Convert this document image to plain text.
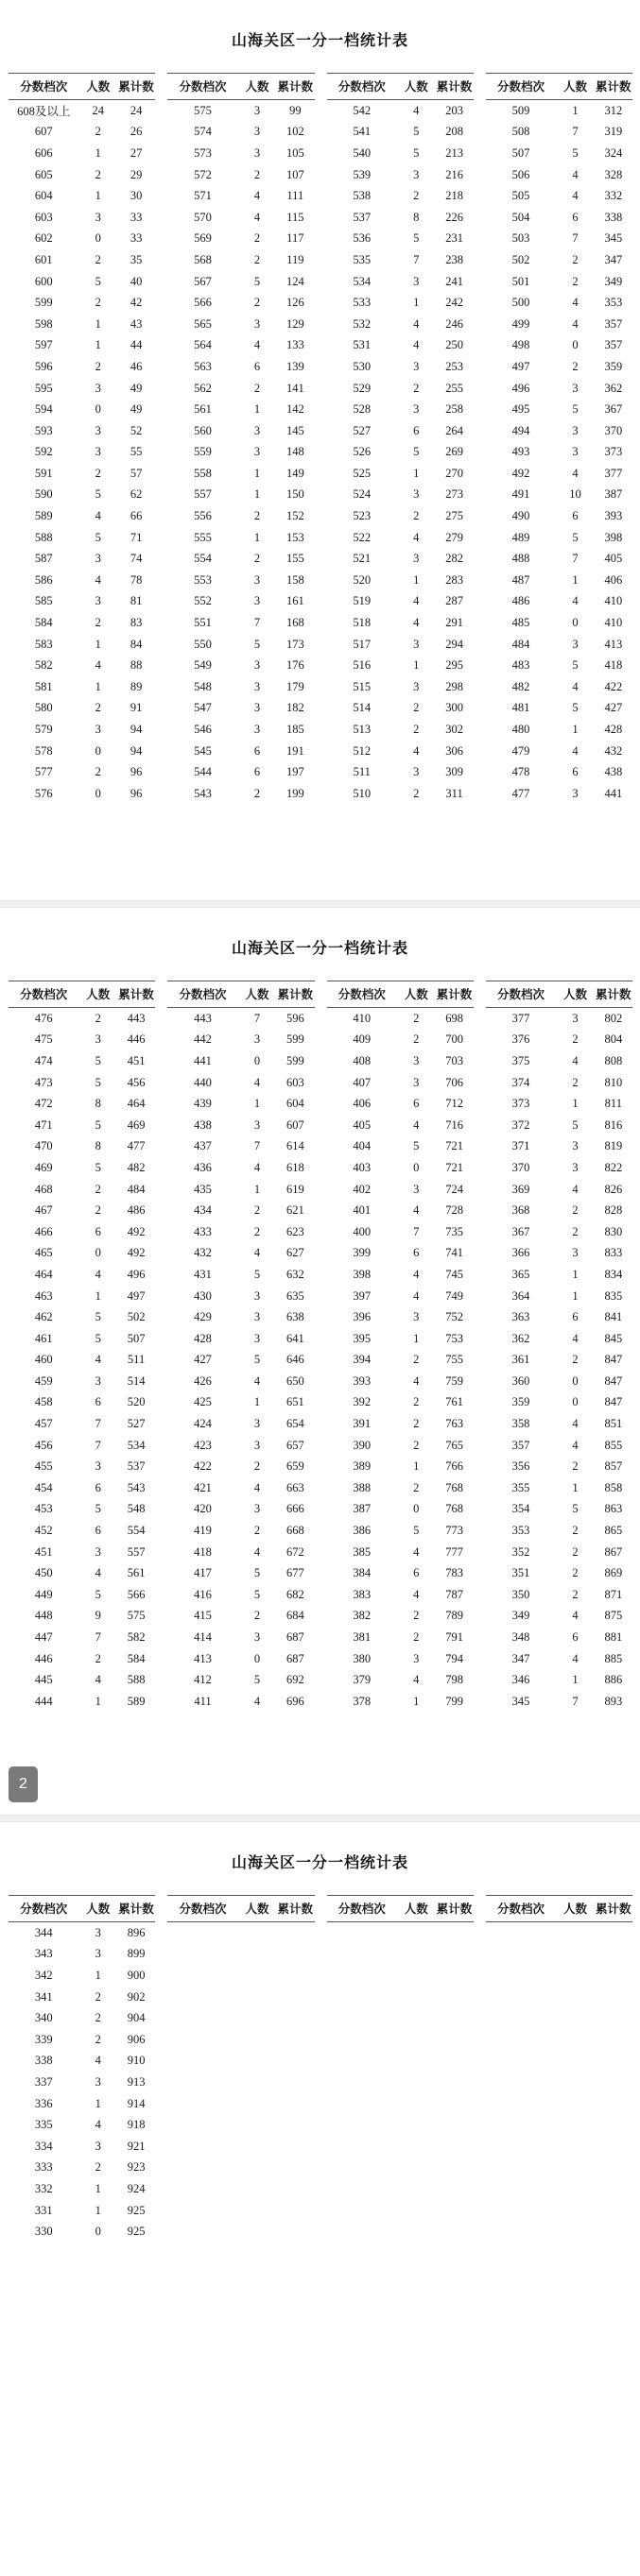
山海关区一分一档统计表
分数档次	人数	累计数
608及以上	24	24
607	2	26
606	1	27
605	2	29
604	1	30
603	3	33
602	0	33
601	2	35
600	5	40
599	2	42
598	1	43
597	1	44
596	2	46
595	3	49
594	0	49
593	3	52
592	3	55
591	2	57
590	5	62
589	4	66
588	5	71
587	3	74
586	4	78
585	3	81
584	2	83
583	1	84
582	4	88
581	1	89
580	2	91
579	3	94
578	0	94
577	2	96
576	0	96
分数档次	人数	累计数
575	3	99
574	3	102
573	3	105
572	2	107
571	4	111
570	4	115
569	2	117
568	2	119
567	5	124
566	2	126
565	3	129
564	4	133
563	6	139
562	2	141
561	1	142
560	3	145
559	3	148
558	1	149
557	1	150
556	2	152
555	1	153
554	2	155
553	3	158
552	3	161
551	7	168
550	5	173
549	3	176
548	3	179
547	3	182
546	3	185
545	6	191
544	6	197
543	2	199
分数档次	人数	累计数
542	4	203
541	5	208
540	5	213
539	3	216
538	2	218
537	8	226
536	5	231
535	7	238
534	3	241
533	1	242
532	4	246
531	4	250
530	3	253
529	2	255
528	3	258
527	6	264
526	5	269
525	1	270
524	3	273
523	2	275
522	4	279
521	3	282
520	1	283
519	4	287
518	4	291
517	3	294
516	1	295
515	3	298
514	2	300
513	2	302
512	4	306
511	3	309
510	2	311
分数档次	人数	累计数
509	1	312
508	7	319
507	5	324
506	4	328
505	4	332
504	6	338
503	7	345
502	2	347
501	2	349
500	4	353
499	4	357
498	0	357
497	2	359
496	3	362
495	5	367
494	3	370
493	3	373
492	4	377
491	10	387
490	6	393
489	5	398
488	7	405
487	1	406
486	4	410
485	0	410
484	3	413
483	5	418
482	4	422
481	5	427
480	1	428
479	4	432
478	6	438
477	3	441
山海关区一分一档统计表
分数档次	人数	累计数
476	2	443
475	3	446
474	5	451
473	5	456
472	8	464
471	5	469
470	8	477
469	5	482
468	2	484
467	2	486
466	6	492
465	0	492
464	4	496
463	1	497
462	5	502
461	5	507
460	4	511
459	3	514
458	6	520
457	7	527
456	7	534
455	3	537
454	6	543
453	5	548
452	6	554
451	3	557
450	4	561
449	5	566
448	9	575
447	7	582
446	2	584
445	4	588
444	1	589
分数档次	人数	累计数
443	7	596
442	3	599
441	0	599
440	4	603
439	1	604
438	3	607
437	7	614
436	4	618
435	1	619
434	2	621
433	2	623
432	4	627
431	5	632
430	3	635
429	3	638
428	3	641
427	5	646
426	4	650
425	1	651
424	3	654
423	3	657
422	2	659
421	4	663
420	3	666
419	2	668
418	4	672
417	5	677
416	5	682
415	2	684
414	3	687
413	0	687
412	5	692
411	4	696
分数档次	人数	累计数
410	2	698
409	2	700
408	3	703
407	3	706
406	6	712
405	4	716
404	5	721
403	0	721
402	3	724
401	4	728
400	7	735
399	6	741
398	4	745
397	4	749
396	3	752
395	1	753
394	2	755
393	4	759
392	2	761
391	2	763
390	2	765
389	1	766
388	2	768
387	0	768
386	5	773
385	4	777
384	6	783
383	4	787
382	2	789
381	2	791
380	3	794
379	4	798
378	1	799
分数档次	人数	累计数
377	3	802
376	2	804
375	4	808
374	2	810
373	1	811
372	5	816
371	3	819
370	3	822
369	4	826
368	2	828
367	2	830
366	3	833
365	1	834
364	1	835
363	6	841
362	4	845
361	2	847
360	0	847
359	0	847
358	4	851
357	4	855
356	2	857
355	1	858
354	5	863
353	2	865
352	2	867
351	2	869
350	2	871
349	4	875
348	6	881
347	4	885
346	1	886
345	7	893
2
山海关区一分一档统计表
分数档次	人数	累计数
344	3	896
343	3	899
342	1	900
341	2	902
340	2	904
339	2	906
338	4	910
337	3	913
336	1	914
335	4	918
334	3	921
333	2	923
332	1	924
331	1	925
330	0	925
分数档次	人数	累计数

		分数档次	人数	累计数

		分数档次	人数	累计数
